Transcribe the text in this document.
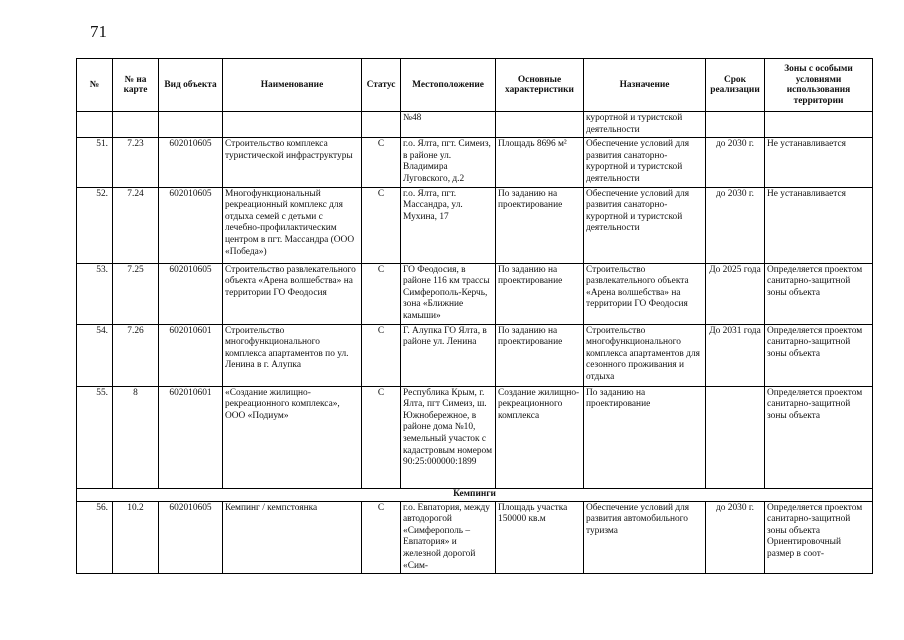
71
№	№ на карте	Вид объекта	Наименование	Статус	Местоположение	Основные характеристики	Назначение	Срок реализации	Зоны с особыми условиями использования территории
					№48		курортной и туристской деятельности		
51.	7.23	602010605	Строительство комплекса туристической инфраструктуры	С	г.о. Ялта, пгт. Симеиз, в районе ул. Владимира Луговского, д.2	Площадь 8696 м²	Обеспечение условий для развития санаторно-курортной и туристской деятельности	до 2030 г.	Не устанавливается
52.	7.24	602010605	Многофункциональный рекреационный комплекс для отдыха семей с детьми с лечебно-профилактическим центром в пгт. Массандра (ООО «Победа»)	С	г.о. Ялта, пгт. Массандра, ул. Мухина, 17	По заданию на проектирование	Обеспечение условий для развития санаторно-курортной и туристской деятельности	до 2030 г.	Не устанавливается
53.	7.25	602010605	Строительство развлекательного объекта «Арена волшебства» на территории ГО Феодосия	С	ГО Феодосия, в районе 116 км трассы Симферополь-Керчь, зона «Ближние камыши»	По заданию на проектирование	Строительство развлекательного объекта «Арена волшебства» на территории ГО Феодосия	До 2025 года	Определяется проектом санитарно-защитной зоны объекта
54.	7.26	602010601	Строительство многофункционального комплекса апартаментов по ул. Ленина в г. Алупка	С	Г. Алупка ГО Ялта, в районе ул. Ленина	По заданию на проектирование	Строительство многофункционального комплекса апартаментов для сезонного проживания и отдыха	До 2031 года	Определяется проектом санитарно-защитной зоны объекта
55.	8	602010601	«Создание жилищно-рекреационного комплекса», ООО «Подиум»	С	Республика Крым, г. Ялта, пгт Симеиз, ш. Южнобережное, в районе дома №10, земельный участок с кадастровым номером 90:25:000000:1899	Создание жилищно-рекреационного комплекса	По заданию на проектирование		Определяется проектом санитарно-защитной зоны объекта
Кемпинги									
56.	10.2	602010605	Кемпинг / кемпстоянка	С	г.о. Евпатория, между автодорогой «Симферополь – Евпатория» и железной дорогой «Сим-	Площадь участка 150000 кв.м	Обеспечение условий для развития автомобильного туризма	до 2030 г.	Определяется проектом санитарно-защитной зоны объекта Ориентировочный размер в соот-
